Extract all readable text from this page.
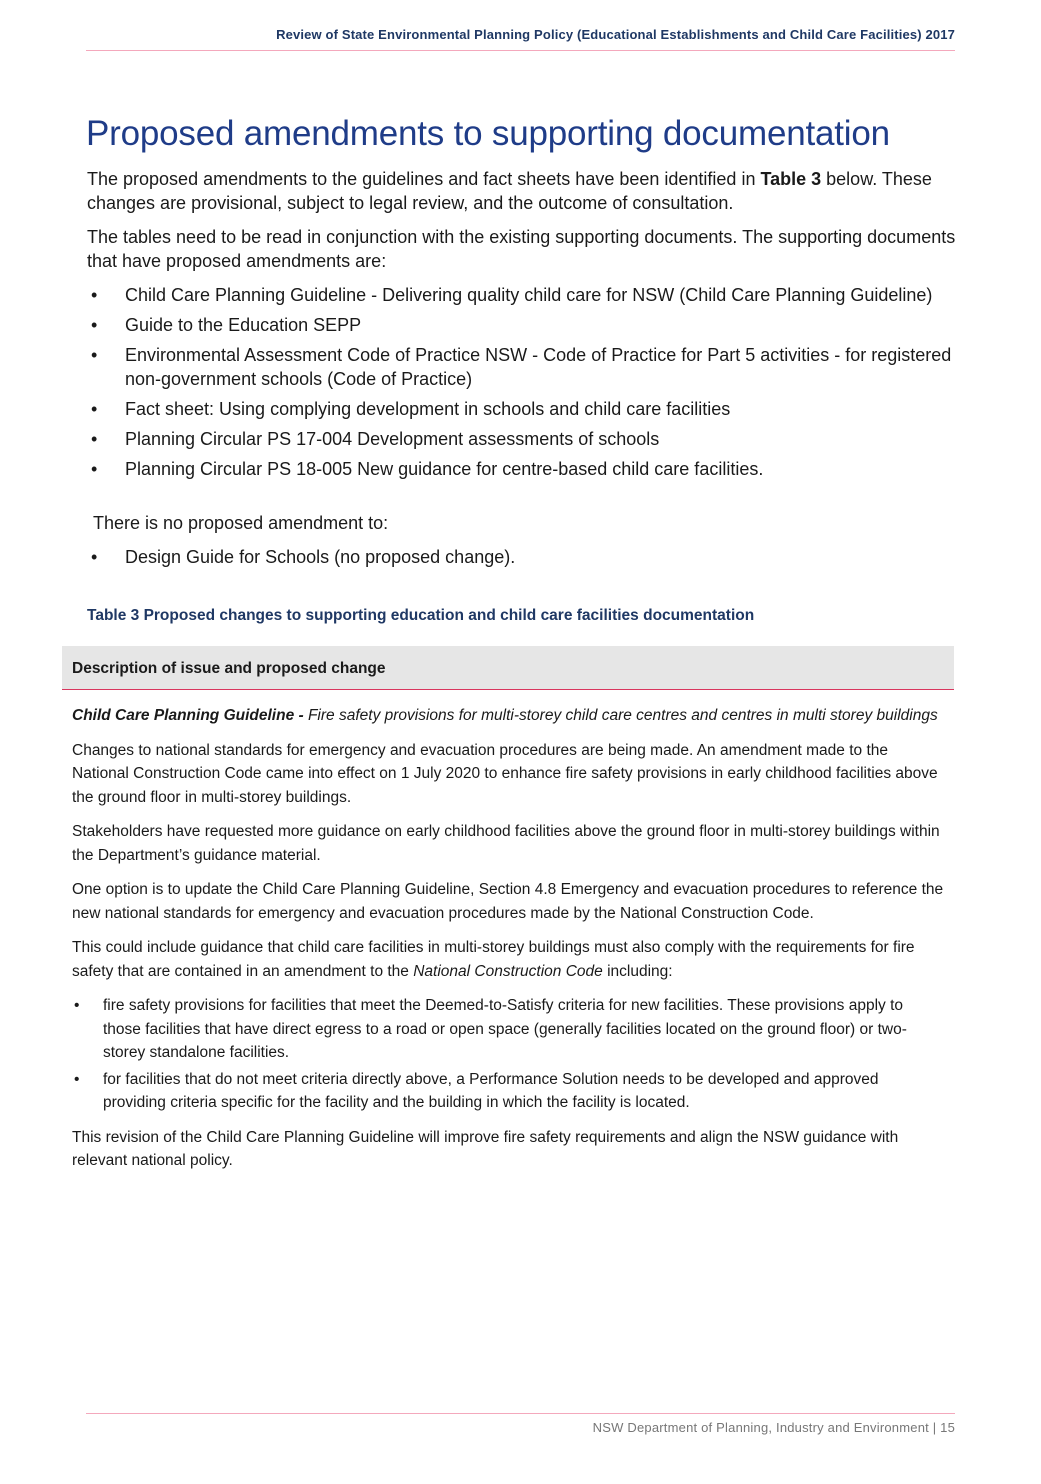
Review of State Environmental Planning Policy (Educational Establishments and Child Care Facilities) 2017
Proposed amendments to supporting documentation

The proposed amendments to the guidelines and fact sheets have been identified in Table 3 below. These changes are provisional, subject to legal review, and the outcome of consultation.

The tables need to be read in conjunction with the existing supporting documents. The supporting documents that have proposed amendments are:

• Child Care Planning Guideline - Delivering quality child care for NSW (Child Care Planning Guideline)
• Guide to the Education SEPP
• Environmental Assessment Code of Practice NSW - Code of Practice for Part 5 activities - for registered non-government schools (Code of Practice)
• Fact sheet: Using complying development in schools and child care facilities
• Planning Circular PS 17-004 Development assessments of schools
• Planning Circular PS 18-005 New guidance for centre-based child care facilities.
There is no proposed amendment to:
• Design Guide for Schools (no proposed change).
Table 3 Proposed changes to supporting education and child care facilities documentation
Description of issue and proposed change

Child Care Planning Guideline - Fire safety provisions for multi-storey child care centres and centres in multi storey buildings

Changes to national standards for emergency and evacuation procedures are being made. An amendment made to the National Construction Code came into effect on 1 July 2020 to enhance fire safety provisions in early childhood facilities above the ground floor in multi-storey buildings.

Stakeholders have requested more guidance on early childhood facilities above the ground floor in multi-storey buildings within the Department’s guidance material.

One option is to update the Child Care Planning Guideline, Section 4.8 Emergency and evacuation procedures to reference the new national standards for emergency and evacuation procedures made by the National Construction Code.

This could include guidance that child care facilities in multi-storey buildings must also comply with the requirements for fire safety that are contained in an amendment to the National Construction Code including:

• fire safety provisions for facilities that meet the Deemed-to-Satisfy criteria for new facilities. These provisions apply to those facilities that have direct egress to a road or open space (generally facilities located on the ground floor) or two-storey standalone facilities.
• for facilities that do not meet criteria directly above, a Performance Solution needs to be developed and approved providing criteria specific for the facility and the building in which the facility is located.

This revision of the Child Care Planning Guideline will improve fire safety requirements and align the NSW guidance with relevant national policy.

NSW Department of Planning, Industry and Environment | 15
